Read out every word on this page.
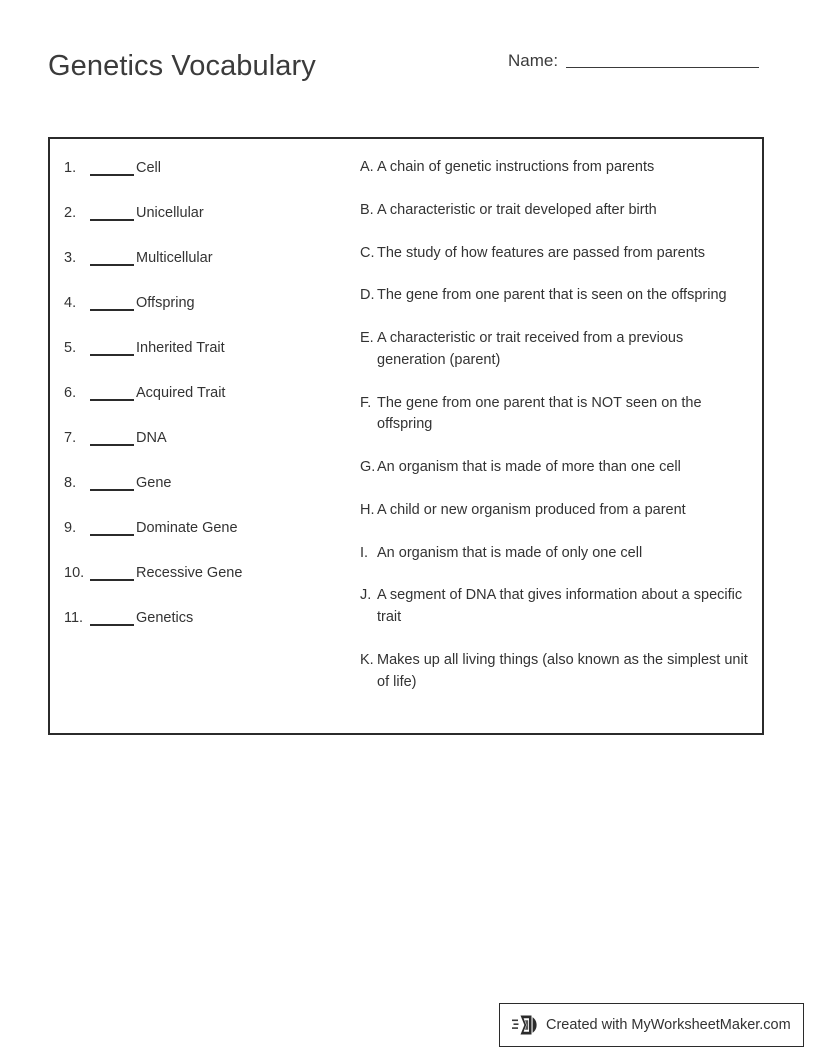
Genetics Vocabulary	Name:
1.	Cell
2.	Unicellular
3.	Multicellular
4.	Offspring
5.	Inherited Trait
6.	Acquired Trait
7.	DNA
8.	Gene
9.	Dominate Gene
10.	Recessive Gene
11.	Genetics
A. A chain of genetic instructions from parents
B. A characteristic or trait developed after birth
C. The study of how features are passed from parents
D. The gene from one parent that is seen on the offspring
E. A characteristic or trait received from a previous generation (parent)
F. The gene from one parent that is NOT seen on the offspring
G. An organism that is made of more than one cell
H. A child or new organism produced from a parent
I. An organism that is made of only one cell
J. A segment of DNA that gives information about a specific trait
K. Makes up all living things (also known as the simplest unit of life)
Created with MyWorksheetMaker.com
